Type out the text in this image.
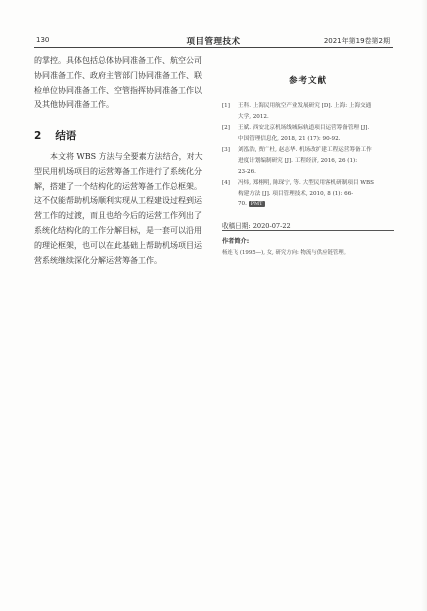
130	项目管理技术	2021年第19卷第2期

的掌控。具体包括总体协同准备工作、航空公司
协同准备工作、政府主管部门协同准备工作、联
检单位协同准备工作、空管指挥协同准备工作以
及其他协同准备工作。

2 结语

本文将 WBS 方法与全要素方法结合，对大
型民用机场项目的运营筹备工作进行了系统化分
解，搭建了一个结构化的运营筹备工作总框架。
这不仅能帮助机场顺利实现从工程建设过程到运
营工作的过渡，而且也给今后的运营工作列出了
系统化结构化的工作分解目标，是一套可以沿用
的理论框架，也可以在此基础上帮助机场项目运
营系统继续深化分解运营筹备工作。

参考文献
[1]	王科. 上海民用航空产业发展研究 [D]. 上海: 上海交通
大学, 2012.
[2]	王斌. 西安北京机场线城际轨道项目运营筹备管理 [J].
中国管理信息化, 2018, 21 (17): 90-92.
[3]	刘泓浩, 贾广杜, 赵志华. 机场改扩建工程运营筹备工作
进度计划编制研究 [J]. 工程经济, 2016, 26 (1):
23-26.
[4]	冯炜, 郑栩明, 陈琛宁, 等. 大型民用客机研制项目 WBS
构建方法 [J]. 项目管理技术, 2010, 8 (1): 66-
70. PMT
收稿日期: 2020-07-22
作者简介:
杨连飞 (1995—), 女, 研究方向: 物流与供应链管理。
